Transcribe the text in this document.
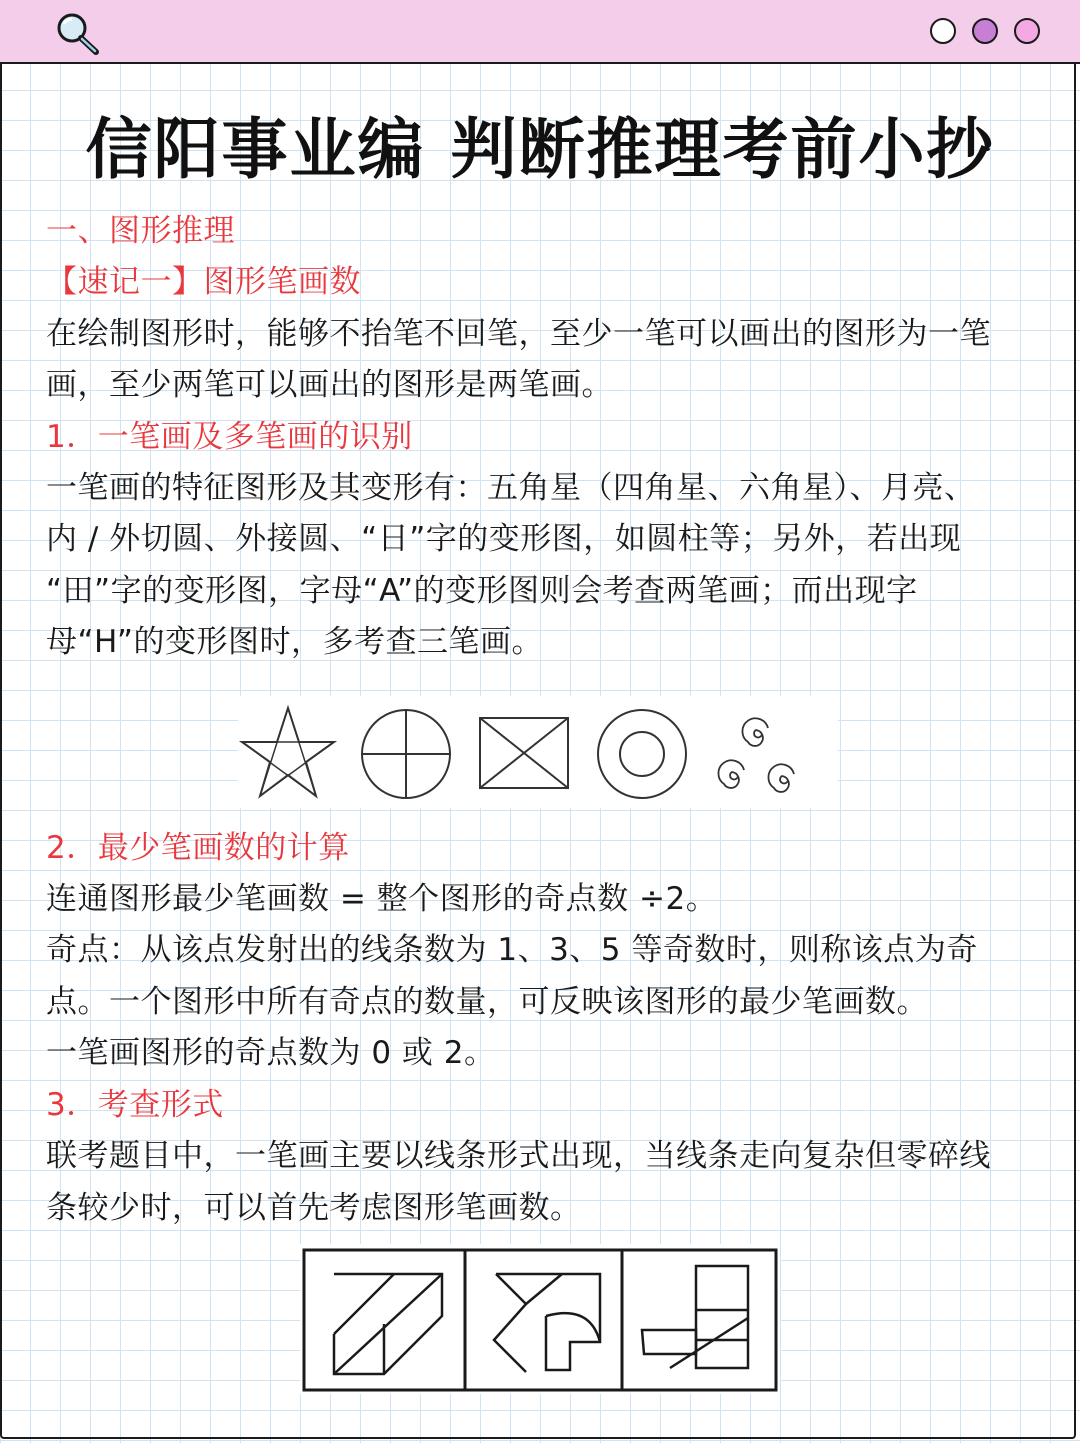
信阳事业编 判断推理考前小抄
一、图形推理
【速记一】图形笔画数
在绘制图形时，能够不抬笔不回笔，至少一笔可以画出的图形为一笔
画，至少两笔可以画出的图形是两笔画。
1．一笔画及多笔画的识别
一笔画的特征图形及其变形有：五角星（四角星、六角星）、月亮、
内 / 外切圆、外接圆、“日”字的变形图，如圆柱等；另外，若出现
“田”字的变形图，字母“A”的变形图则会考查两笔画；而出现字
母“H”的变形图时，多考查三笔画。
2．最少笔画数的计算
连通图形最少笔画数 = 整个图形的奇点数 ÷2。
奇点：从该点发射出的线条数为 1、3、5 等奇数时，则称该点为奇
点。一个图形中所有奇点的数量，可反映该图形的最少笔画数。
一笔画图形的奇点数为 0 或 2。
3．考查形式
联考题目中，一笔画主要以线条形式出现，当线条走向复杂但零碎线
条较少时，可以首先考虑图形笔画数。
